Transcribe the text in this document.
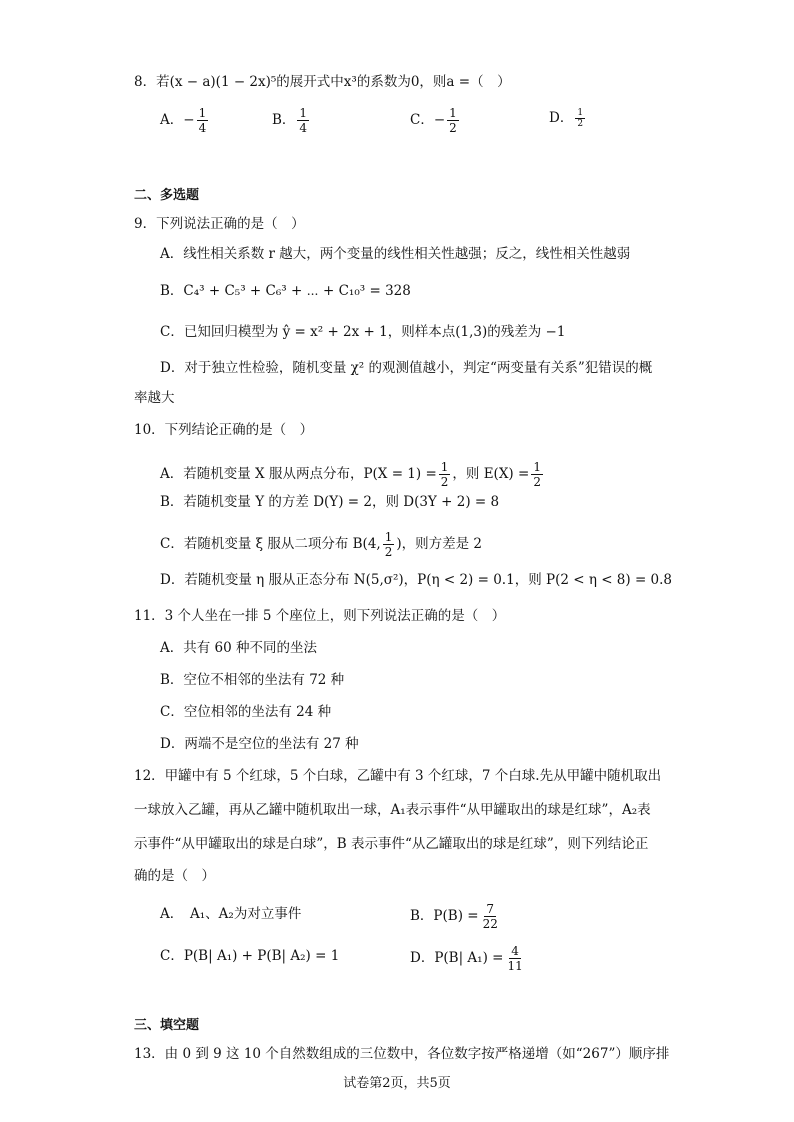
8．若(x − a)(1 − 2x)⁵的展开式中x³的系数为0，则a =（　）
A．− $\frac{1}{4}$	B． $\frac{1}{4}$	C．− $\frac{1}{2}$	D． $\frac{1}{2}$
二、多选题
9．下列说法正确的是（　）
A．线性相关系数 r 越大，两个变量的线性相关性越强；反之，线性相关性越弱
B．C₄³ + C₅³ + C₆³ + ⋯ + C₁₀³ = 328
C．已知回归模型为 ŷ = x² + 2x + 1，则样本点(1,3)的残差为 −1
D．对于独立性检验，随机变量 χ² 的观测值越小，判定“两变量有关系”犯错误的概
率越大
10．下列结论正确的是（　）
A．若随机变量 X 服从两点分布，$P(X = 1) = \frac{1}{2}$ ，则 $E(X) = \frac{1}{2}$
B．若随机变量 Y 的方差 D(Y) = 2，则 D(3Y + 2) = 8
C．若随机变量 ξ 服从二项分布 B(4, $\frac{1}{2}$ )，则方差是 2
D．若随机变量 η 服从正态分布 N(5,σ²)，P(η < 2) = 0.1，则 P(2 < η < 8) = 0.8
11．3 个人坐在一排 5 个座位上，则下列说法正确的是（　）
A．共有 60 种不同的坐法
B．空位不相邻的坐法有 72 种
C．空位相邻的坐法有 24 种
D．两端不是空位的坐法有 27 种
12．甲罐中有 5 个红球，5 个白球，乙罐中有 3 个红球，7 个白球.先从甲罐中随机取出
一球放入乙罐，再从乙罐中随机取出一球，A₁表示事件“从甲罐取出的球是红球”，A₂表
示事件“从甲罐取出的球是白球”，B 表示事件“从乙罐取出的球是红球”，则下列结论正
确的是（　）
A．　A₁、A₂为对立事件	B．$P(B) = \frac{7}{22}$
C．P(B| A₁) + P(B| A₂) = 1	D．P(B| $A_1) = \frac{4}{11}$
三、填空题
13．由 0 到 9 这 10 个自然数组成的三位数中，各位数字按严格递增（如“267”）顺序排
试卷第2页，共5页
